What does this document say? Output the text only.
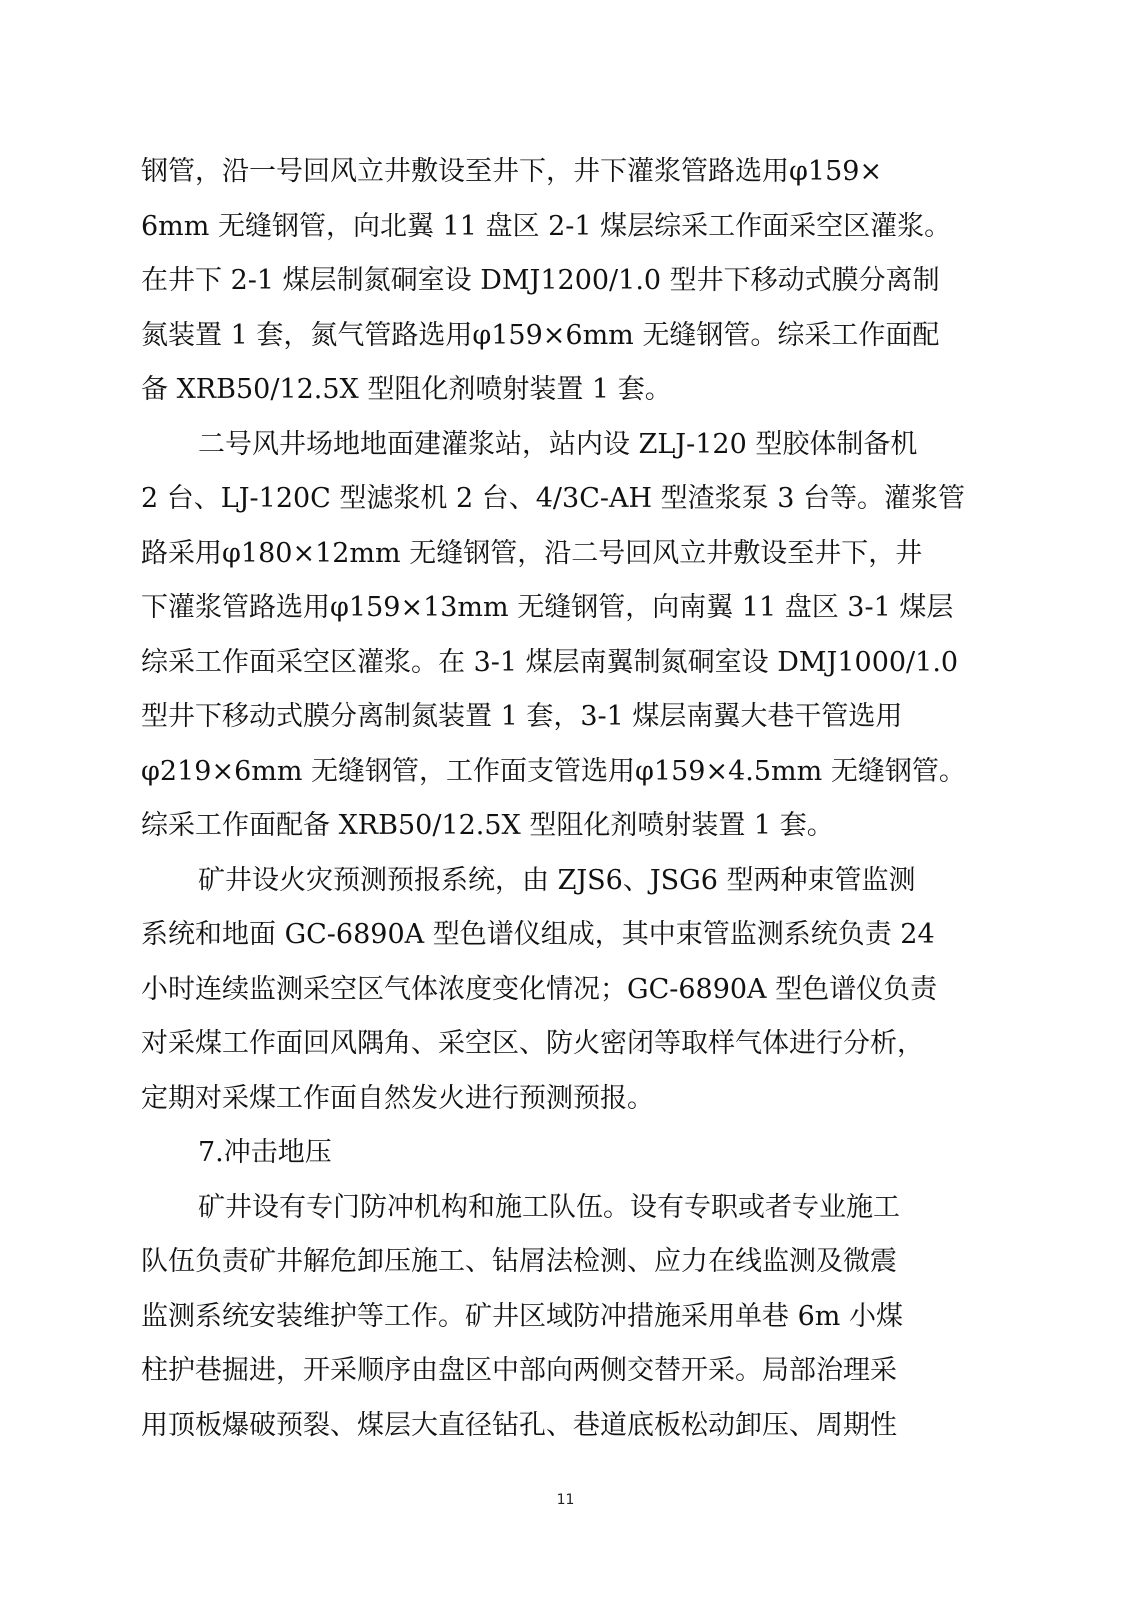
钢管，沿一号回风立井敷设至井下，井下灌浆管路选用φ159×
6mm 无缝钢管，向北翼 11 盘区 2-1 煤层综采工作面采空区灌浆。
在井下 2-1 煤层制氮硐室设 DMJ1200/1.0 型井下移动式膜分离制
氮装置 1 套，氮气管路选用φ159×6mm 无缝钢管。综采工作面配
备 XRB50/12.5X 型阻化剂喷射装置 1 套。
二号风井场地地面建灌浆站，站内设 ZLJ-120 型胶体制备机
2 台、LJ-120C 型滤浆机 2 台、4/3C-AH 型渣浆泵 3 台等。灌浆管
路采用φ180×12mm 无缝钢管，沿二号回风立井敷设至井下，井
下灌浆管路选用φ159×13mm 无缝钢管，向南翼 11 盘区 3-1 煤层
综采工作面采空区灌浆。在 3-1 煤层南翼制氮硐室设 DMJ1000/1.0
型井下移动式膜分离制氮装置 1 套，3-1 煤层南翼大巷干管选用
φ219×6mm 无缝钢管，工作面支管选用φ159×4.5mm 无缝钢管。
综采工作面配备 XRB50/12.5X 型阻化剂喷射装置 1 套。
矿井设火灾预测预报系统，由 ZJS6、JSG6 型两种束管监测
系统和地面 GC-6890A 型色谱仪组成，其中束管监测系统负责 24
小时连续监测采空区气体浓度变化情况；GC-6890A 型色谱仪负责
对采煤工作面回风隅角、采空区、防火密闭等取样气体进行分析，
定期对采煤工作面自然发火进行预测预报。
7.冲击地压
矿井设有专门防冲机构和施工队伍。设有专职或者专业施工
队伍负责矿井解危卸压施工、钻屑法检测、应力在线监测及微震
监测系统安装维护等工作。矿井区域防冲措施采用单巷 6m 小煤
柱护巷掘进，开采顺序由盘区中部向两侧交替开采。局部治理采
用顶板爆破预裂、煤层大直径钻孔、巷道底板松动卸压、周期性
11
